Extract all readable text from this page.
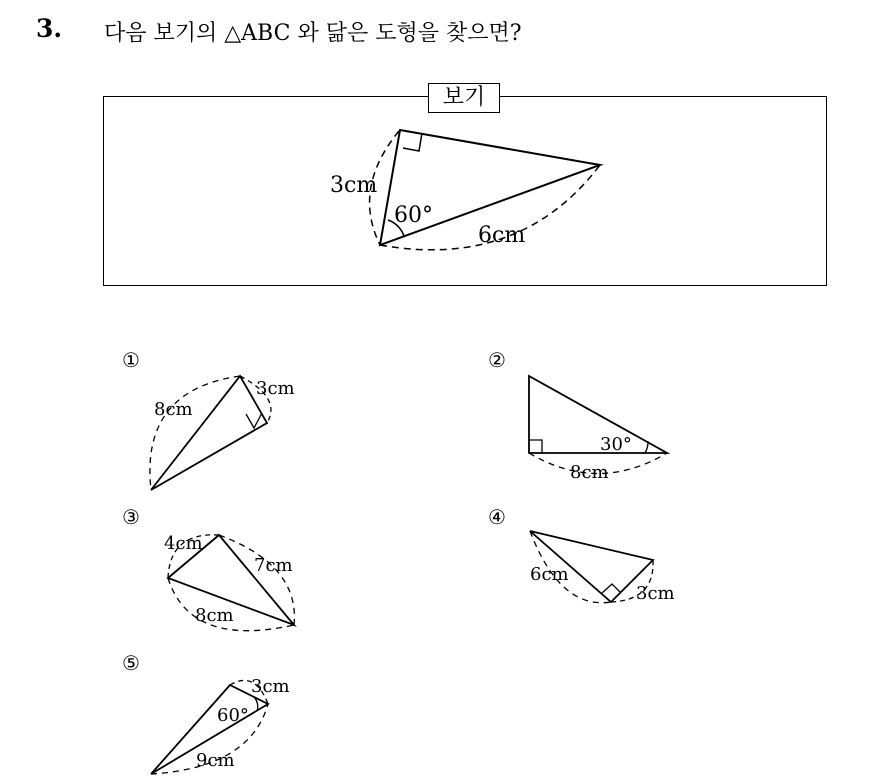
3. 다음 보기의 △ABC 와 닮은 도형을 찾으면?
보기
3cm
60°
6cm
8cm
3cm
30°
8cm
4cm
7cm
8cm
6cm
3cm
3cm
60°
9cm
①	②
③	④
⑤
